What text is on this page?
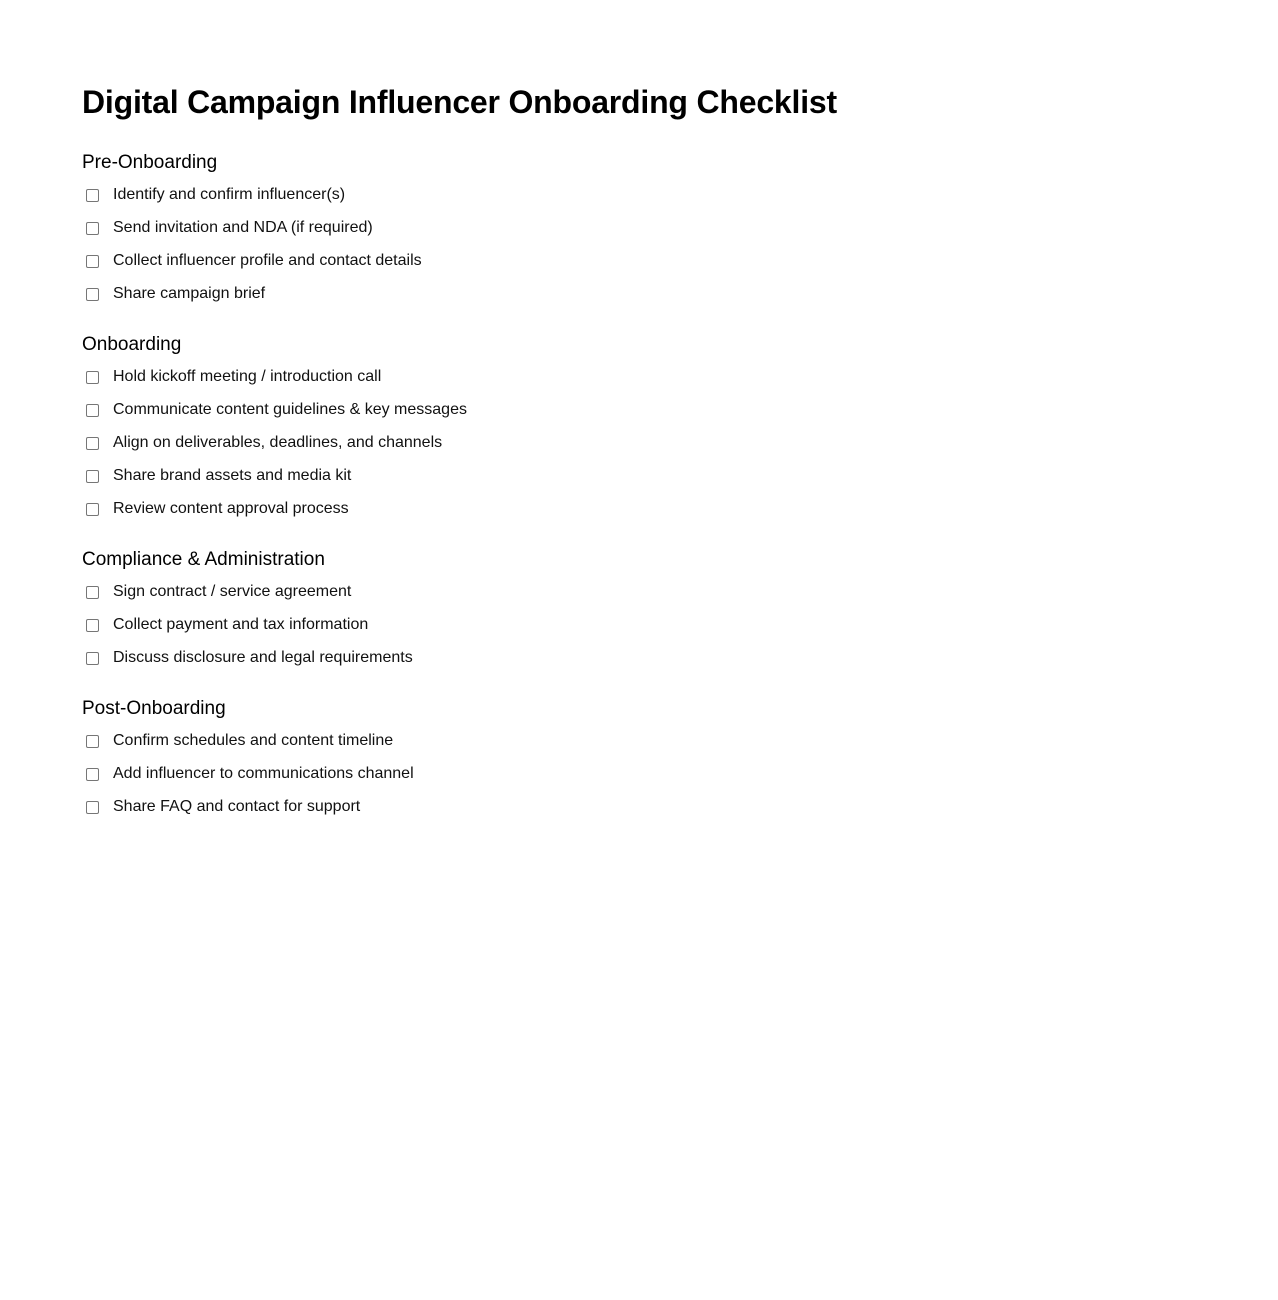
Digital Campaign Influencer Onboarding Checklist
Pre-Onboarding
Identify and confirm influencer(s)
Send invitation and NDA (if required)
Collect influencer profile and contact details
Share campaign brief
Onboarding
Hold kickoff meeting / introduction call
Communicate content guidelines & key messages
Align on deliverables, deadlines, and channels
Share brand assets and media kit
Review content approval process
Compliance & Administration
Sign contract / service agreement
Collect payment and tax information
Discuss disclosure and legal requirements
Post-Onboarding
Confirm schedules and content timeline
Add influencer to communications channel
Share FAQ and contact for support
